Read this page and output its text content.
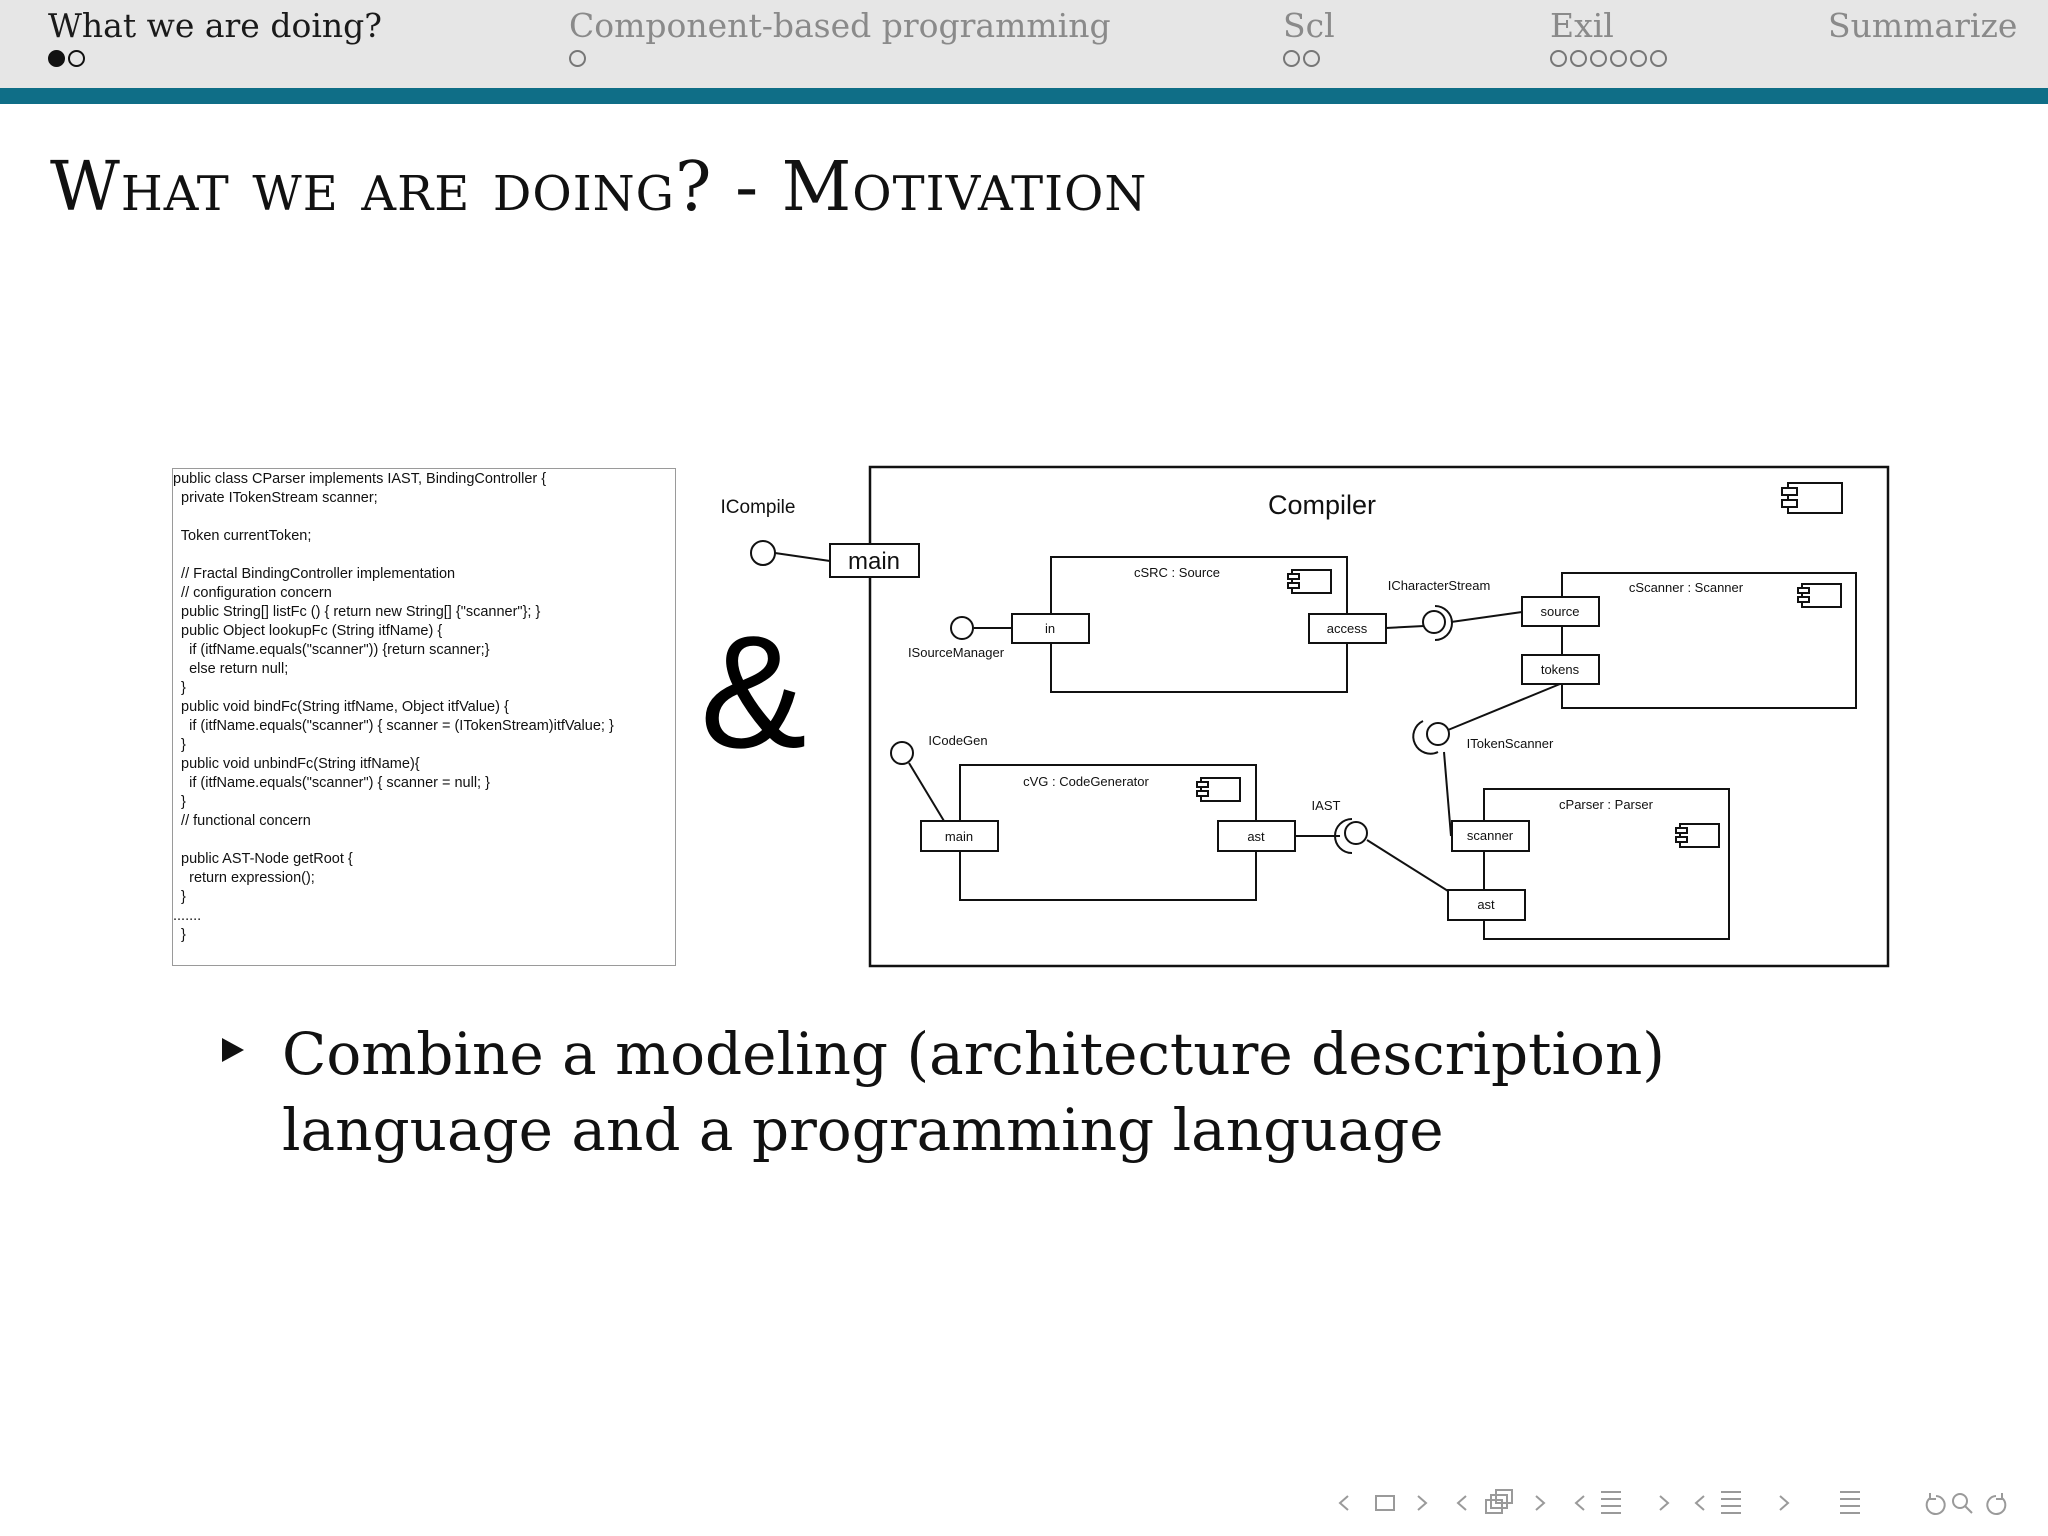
What we are doing?	Component-based programming	Scl	Exil	Summarize
What we are doing? - Motivation
public class CParser implements IAST, BindingController {
private ITokenStream scanner;
Token currentToken;
// Fractal BindingController implementation
// configuration concern
public String[] listFc () { return new String[] {"scanner"}; }
public Object lookupFc (String itfName) {
if (itfName.equals("scanner")) {return scanner;}
else return null;
}
public void bindFc(String itfName, Object itfValue) {
if (itfName.equals("scanner") { scanner = (ITokenStream)itfValue; }
}
public void unbindFc(String itfName){
if (itfName.equals("scanner") { scanner = null; }
}
// functional concern
public AST-Node getRoot {
return expression();
}
.......
}
&
Compiler
ICompile
main	cSRC : Source
in	access
ISourceManager
ICharacterStream	cScanner : Scanner
source
tokens
ITokenScanner
ICodeGen
cVG : CodeGenerator
main	ast
IAST	cParser : Parser
scanner
ast
Combine a modeling (architecture description) language and a programming language
